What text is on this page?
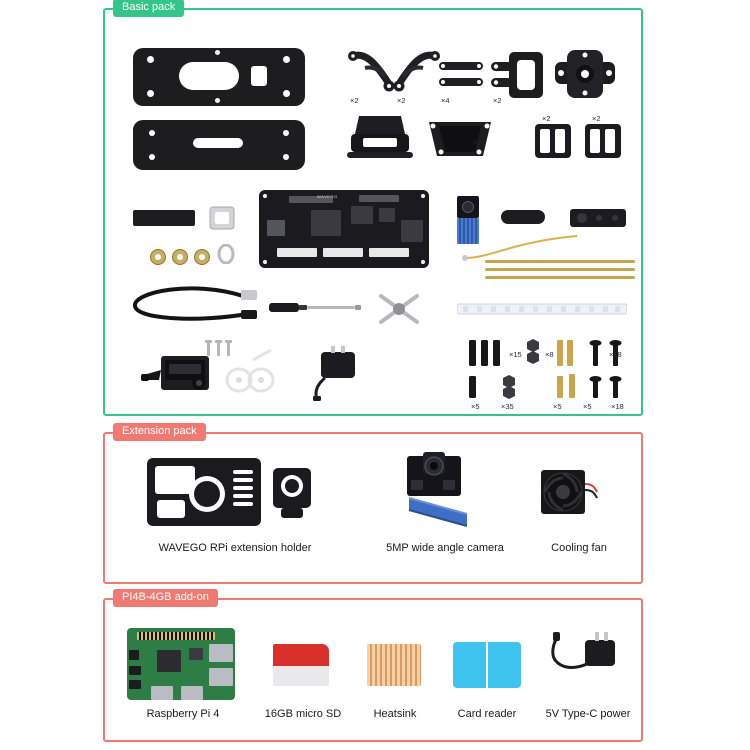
Basic pack
×2	×2	×4	×2
×2
×2	×2
WAVEGO
×15	×8	×18
×5	×35	×5	×5	×18
Extension pack
WAVEGO RPi extension holder	5MP wide angle camera	Cooling fan
PI4B-4GB add-on
Raspberry Pi 4	16GB micro SD	Heatsink	Card reader	5V Type-C power
